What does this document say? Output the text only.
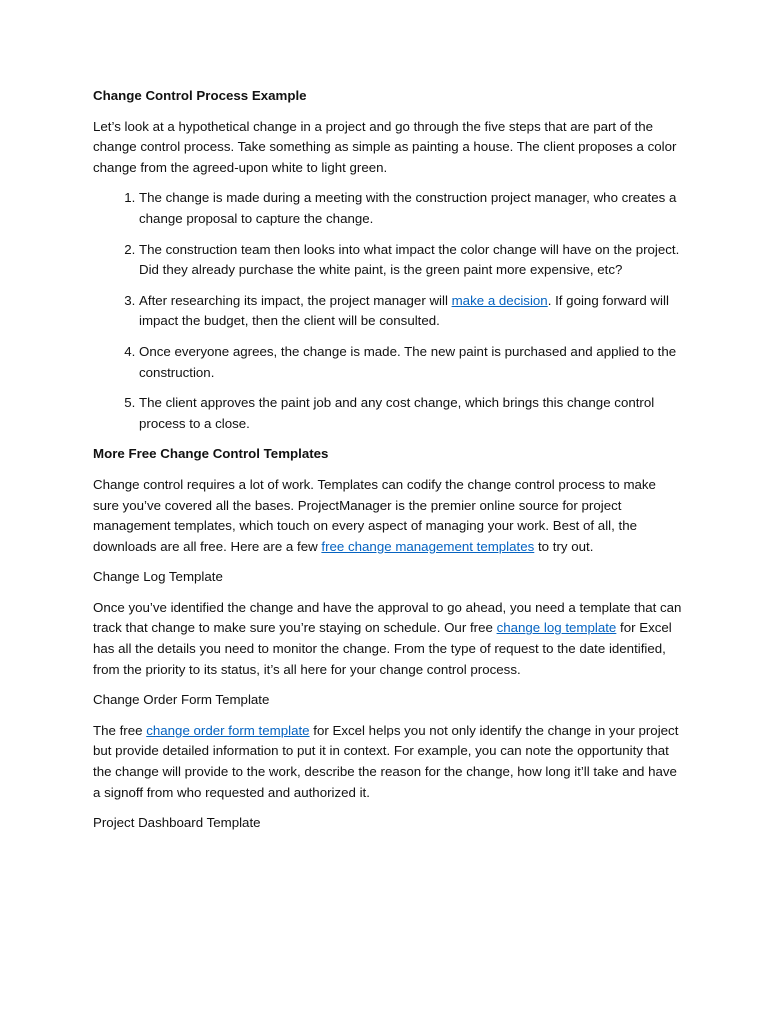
Change Control Process Example

Let’s look at a hypothetical change in a project and go through the five steps that are part of the change control process. Take something as simple as painting a house. The client proposes a color change from the agreed-upon white to light green.

1. The change is made during a meeting with the construction project manager, who creates a change proposal to capture the change.
2. The construction team then looks into what impact the color change will have on the project. Did they already purchase the white paint, is the green paint more expensive, etc?
3. After researching its impact, the project manager will make a decision. If going forward will impact the budget, then the client will be consulted.
4. Once everyone agrees, the change is made. The new paint is purchased and applied to the construction.
5. The client approves the paint job and any cost change, which brings this change control process to a close.
More Free Change Control Templates

Change control requires a lot of work. Templates can codify the change control process to make sure you’ve covered all the bases. ProjectManager is the premier online source for project management templates, which touch on every aspect of managing your work. Best of all, the downloads are all free. Here are a few free change management templates to try out.

Change Log Template

Once you’ve identified the change and have the approval to go ahead, you need a template that can track that change to make sure you’re staying on schedule. Our free change log template for Excel has all the details you need to monitor the change. From the type of request to the date identified, from the priority to its status, it’s all here for your change control process.

Change Order Form Template

The free change order form template for Excel helps you not only identify the change in your project but provide detailed information to put it in context. For example, you can note the opportunity that the change will provide to the work, describe the reason for the change, how long it’ll take and have a signoff from who requested and authorized it.

Project Dashboard Template
